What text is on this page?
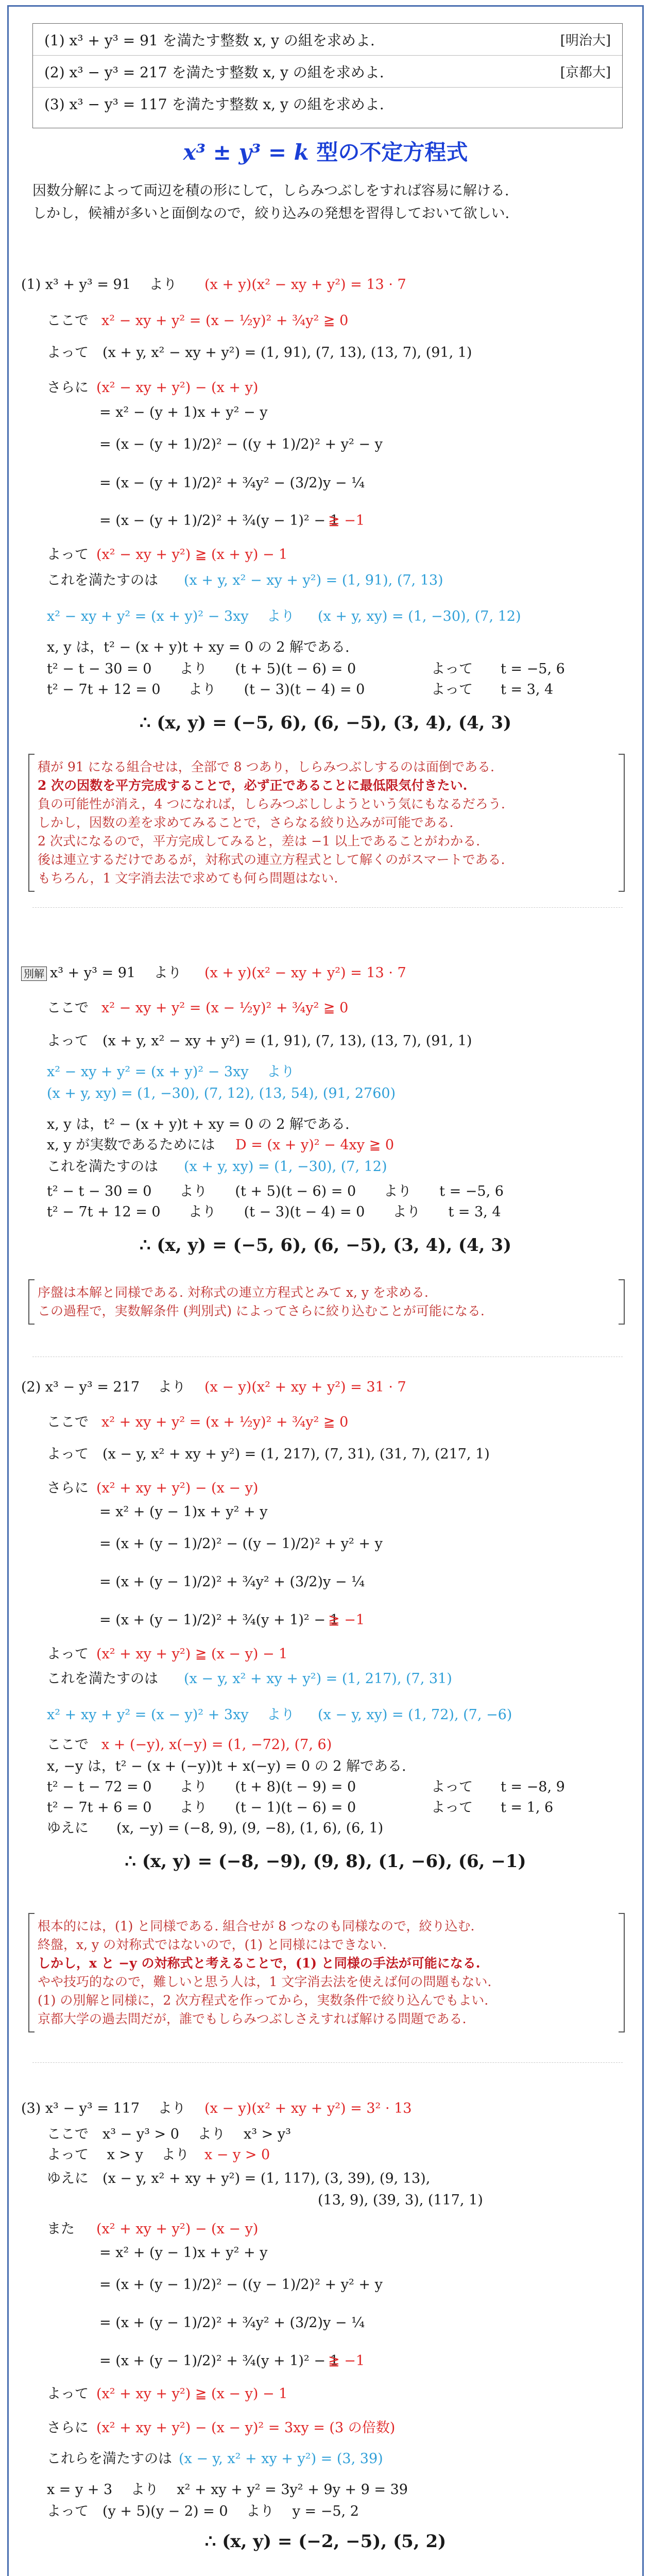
(1) x³ + y³ = 91 を満たす整数 x, y の組を求めよ.	[明治大]
(2) x³ − y³ = 217 を満たす整数 x, y の組を求めよ.	[京都大]
(3) x³ − y³ = 117 を満たす整数 x, y の組を求めよ.
x³ ± y³ = k 型の不定方程式
因数分解によって両辺を積の形にして，しらみつぶしをすれば容易に解ける.
しかし，候補が多いと面倒なので，絞り込みの発想を習得しておいて欲しい.
(1) x³ + y³ = 91　 より (x + y)(x² − xy + y²) = 13 · 7
ここで x² − xy + y² = (x − ½y)² + ¾y² ≧ 0
よって　(x + y, x² − xy + y²) = (1, 91), (7, 13), (13, 7), (91, 1)
さらに (x² − xy + y²) − (x + y)
= x² − (y + 1)x + y² − y
= (x − (y + 1)/2)² − ((y + 1)/2)² + y² − y
= (x − (y + 1)/2)² + ¾y² − (3/2)y − ¼
= (x − (y + 1)/2)² + ¾(y − 1)² − 1
≧ −1
よって (x² − xy + y²) ≧ (x + y) − 1
これを満たすのは (x + y, x² − xy + y²) = (1, 91), (7, 13)
x² − xy + y² = (x + y)² − 3xy　 より (x + y, xy) = (1, −30), (7, 12)
x, y は，t² − (x + y)t + xy = 0 の 2 解である.
t² − t − 30 = 0　　より　　(t + 5)(t − 6) = 0	よって　　t = −5, 6
t² − 7t + 12 = 0　　より　　(t − 3)(t − 4) = 0	よって　　t = 3, 4
∴ (x, y) = (−5, 6), (6, −5), (3, 4), (4, 3)
積が 91 になる組合せは，全部で 8 つあり，しらみつぶしするのは面倒である.
2 次の因数を平方完成することで，必ず正であることに最低限気付きたい.
負の可能性が消え，4 つになれば，しらみつぶししようという気にもなるだろう.
しかし，因数の差を求めてみることで，さらなる絞り込みが可能である.
2 次式になるので，平方完成してみると，差は −1 以上であることがわかる.
後は連立するだけであるが，対称式の連立方程式として解くのがスマートである.
もちろん，1 文字消去法で求めても何ら問題はない.
別解 x³ + y³ = 91　 より (x + y)(x² − xy + y²) = 13 · 7
ここで x² − xy + y² = (x − ½y)² + ¾y² ≧ 0
よって　(x + y, x² − xy + y²) = (1, 91), (7, 13), (13, 7), (91, 1)
x² − xy + y² = (x + y)² − 3xy　 より
(x + y, xy) = (1, −30), (7, 12), (13, 54), (91, 2760)
x, y は，t² − (x + y)t + xy = 0 の 2 解である.
x, y が実数であるためには D = (x + y)² − 4xy ≧ 0
これを満たすのは (x + y, xy) = (1, −30), (7, 12)
t² − t − 30 = 0　　より　　(t + 5)(t − 6) = 0　　より　　t = −5, 6
t² − 7t + 12 = 0　　より　　(t − 3)(t − 4) = 0　　より　　t = 3, 4
∴ (x, y) = (−5, 6), (6, −5), (3, 4), (4, 3)
序盤は本解と同様である. 対称式の連立方程式とみて x, y を求める.
この過程で，実数解条件 (判別式) によってさらに絞り込むことが可能になる.
(2) x³ − y³ = 217　 より (x − y)(x² + xy + y²) = 31 · 7
ここで x² + xy + y² = (x + ½y)² + ¾y² ≧ 0
よって　(x − y, x² + xy + y²) = (1, 217), (7, 31), (31, 7), (217, 1)
さらに (x² + xy + y²) − (x − y)
= x² + (y − 1)x + y² + y
= (x + (y − 1)/2)² − ((y − 1)/2)² + y² + y
= (x + (y − 1)/2)² + ¾y² + (3/2)y − ¼
= (x + (y − 1)/2)² + ¾(y + 1)² − 1
≧ −1
よって (x² + xy + y²) ≧ (x − y) − 1
これを満たすのは (x − y, x² + xy + y²) = (1, 217), (7, 31)
x² + xy + y² = (x − y)² + 3xy　 より (x − y, xy) = (1, 72), (7, −6)
ここで x + (−y), x(−y) = (1, −72), (7, 6)
x, −y は，t² − (x + (−y))t + x(−y) = 0 の 2 解である.
t² − t − 72 = 0　　より　　(t + 8)(t − 9) = 0	よって　　t = −8, 9
t² − 7t + 6 = 0　　より　　(t − 1)(t − 6) = 0	よって　　t = 1, 6
ゆえに　　(x, −y) = (−8, 9), (9, −8), (1, 6), (6, 1)
∴ (x, y) = (−8, −9), (9, 8), (1, −6), (6, −1)
根本的には，(1) と同様である. 組合せが 8 つなのも同様なので，絞り込む.
終盤，x, y の対称式ではないので，(1) と同様にはできない.
しかし，x と −y の対称式と考えることで，(1) と同様の手法が可能になる.
やや技巧的なので，難しいと思う人は，1 文字消去法を使えば何の問題もない.
(1) の別解と同様に，2 次方程式を作ってから，実数条件で絞り込んでもよい.
京都大学の過去問だが，誰でもしらみつぶしさえすれば解ける問題である.
(3) x³ − y³ = 117　 より (x − y)(x² + xy + y²) = 3² · 13
ここで　x³ − y³ > 0　 より　 x³ > y³
よって　 x > y　 より x − y > 0
ゆえに　(x − y, x² + xy + y²) = (1, 117), (3, 39), (9, 13),
(13, 9), (39, 3), (117, 1)
また (x² + xy + y²) − (x − y)
= x² + (y − 1)x + y² + y
= (x + (y − 1)/2)² − ((y − 1)/2)² + y² + y
= (x + (y − 1)/2)² + ¾y² + (3/2)y − ¼
= (x + (y − 1)/2)² + ¾(y + 1)² − 1
≧ −1
よって (x² + xy + y²) ≧ (x − y) − 1
さらに (x² + xy + y²) − (x − y)² = 3xy = (3 の倍数)
これらを満たすのは (x − y, x² + xy + y²) = (3, 39)
x = y + 3　 より　 x² + xy + y² = 3y² + 9y + 9 = 39
よって　(y + 5)(y − 2) = 0　 より　 y = −5, 2
∴ (x, y) = (−2, −5), (5, 2)
